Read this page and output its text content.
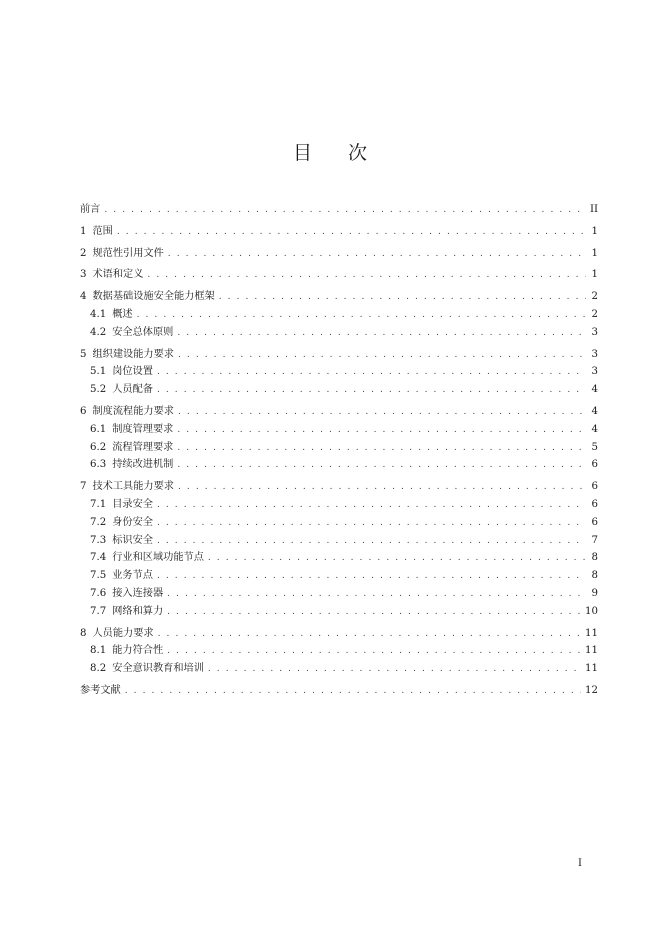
目 次
前言 . . .	II
1 范围 . . .	1
2 规范性引用文件 . . .	1
3 术语和定义 . . .	1
4 数据基础设施安全能力框架 . . .	2
4.1 概述 . . .	2
4.2 安全总体原则 . . .	3
5 组织建设能力要求 . . .	3
5.1 岗位设置 . . .	3
5.2 人员配备 . . .	4
6 制度流程能力要求 . . .	4
6.1 制度管理要求 . . .	4
6.2 流程管理要求 . . .	5
6.3 持续改进机制 . . .	6
7 技术工具能力要求 . . .	6
7.1 目录安全 . . .	6
7.2 身份安全 . . .	6
7.3 标识安全 . . .	7
7.4 行业和区域功能节点 . . .	8
7.5 业务节点 . . .	8
7.6 接入连接器 . . .	9
7.7 网络和算力 . . .	10
8 人员能力要求 . . .	11
8.1 能力符合性 . . .	11
8.2 安全意识教育和培训 . . .	11
参考文献 . . .	12
I
